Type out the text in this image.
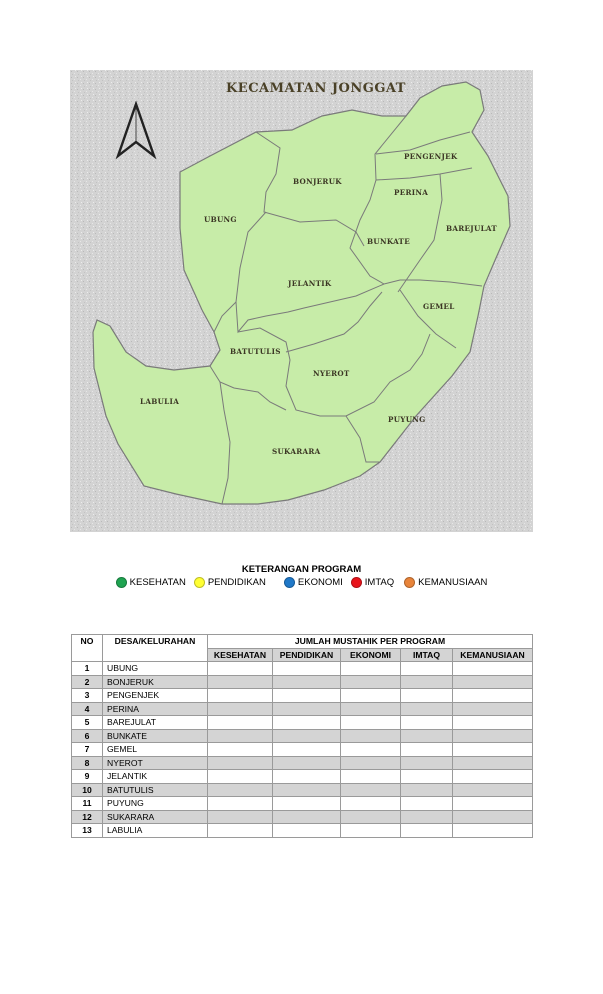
KECAMATAN JONGGAT
PENGENJEK
BONJERUK
PERINA
UBUNG
BAREJULAT
BUNKATE
JELANTIK
GEMEL
BATUTULIS
NYEROT
LABULIA
PUYUNG
SUKARARA
KETERANGAN PROGRAM
KESEHATAN PENDIDIKAN	EKONOMI IMTAQ	KEMANUSIAAN
NO	DESA/KELURAHAN	JUMLAH MUSTAHIK PER PROGRAM				
		KESEHATAN	PENDIDIKAN	EKONOMI	IMTAQ	KEMANUSIAAN
1	UBUNG					
2	BONJERUK					
3	PENGENJEK					
4	PERINA					
5	BAREJULAT					
6	BUNKATE					
7	GEMEL					
8	NYEROT					
9	JELANTIK					
10	BATUTULIS					
11	PUYUNG					
12	SUKARARA					
13	LABULIA					
